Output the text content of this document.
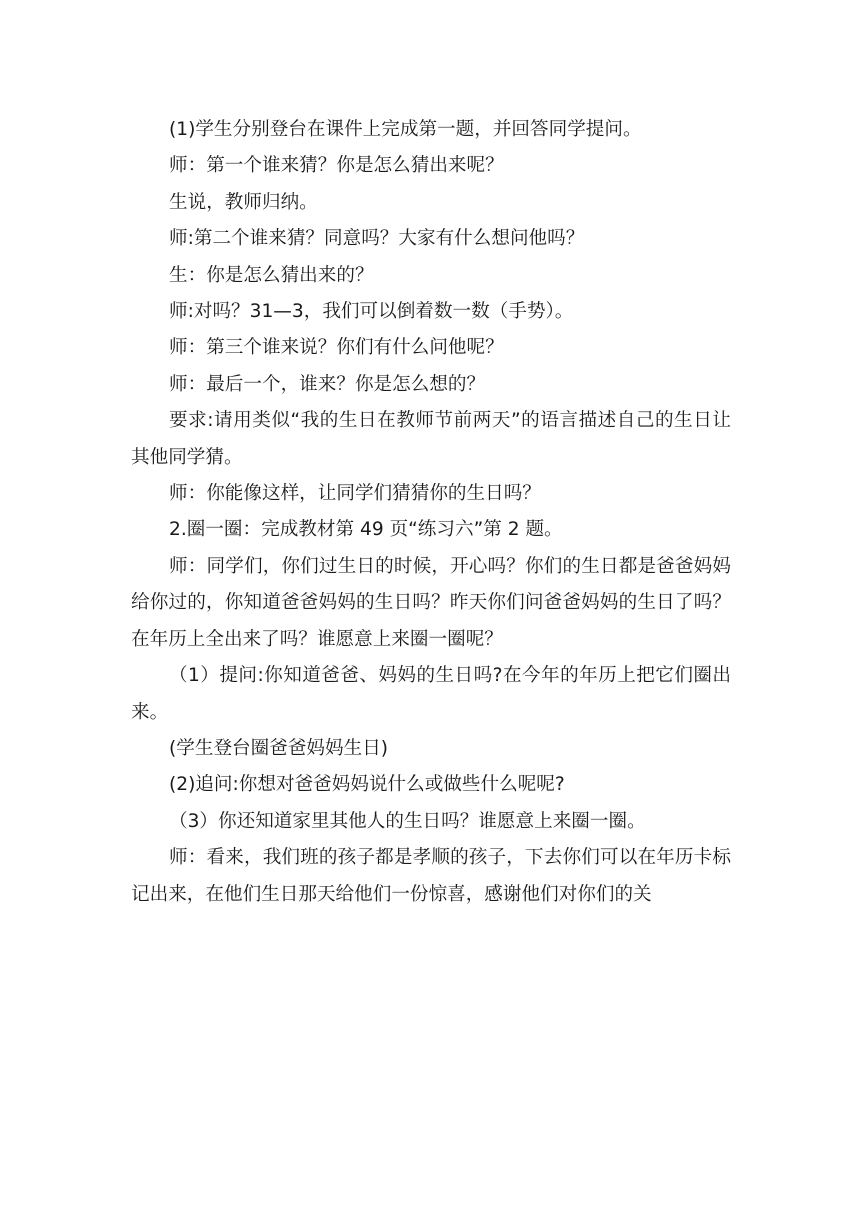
(1)学生分别登台在课件上完成第一题，并回答同学提问。

师：第一个谁来猜？你是怎么猜出来呢？

生说，教师归纳。

师:第二个谁来猜？同意吗？大家有什么想问他吗？

生：你是怎么猜出来的？

师:对吗？31—3，我们可以倒着数一数（手势）。

师：第三个谁来说？你们有什么问他呢？

师：最后一个，谁来？你是怎么想的？

要求:请用类似“我的生日在教师节前两天”的语言描述自己的生日让其他同学猜。

师：你能像这样，让同学们猜猜你的生日吗？

2.圈一圈：完成教材第 49 页“练习六”第 2 题。

师：同学们，你们过生日的时候，开心吗？你们的生日都是爸爸妈妈给你过的，你知道爸爸妈妈的生日吗？昨天你们问爸爸妈妈的生日了吗？在年历上全出来了吗？谁愿意上来圈一圈呢？

（1）提问:你知道爸爸、妈妈的生日吗?在今年的年历上把它们圈出来。

(学生登台圈爸爸妈妈生日)

(2)追问:你想对爸爸妈妈说什么或做些什么呢呢?

（3）你还知道家里其他人的生日吗？谁愿意上来圈一圈。

师：看来，我们班的孩子都是孝顺的孩子，下去你们可以在年历卡标记出来，在他们生日那天给他们一份惊喜，感谢他们对你们的关
